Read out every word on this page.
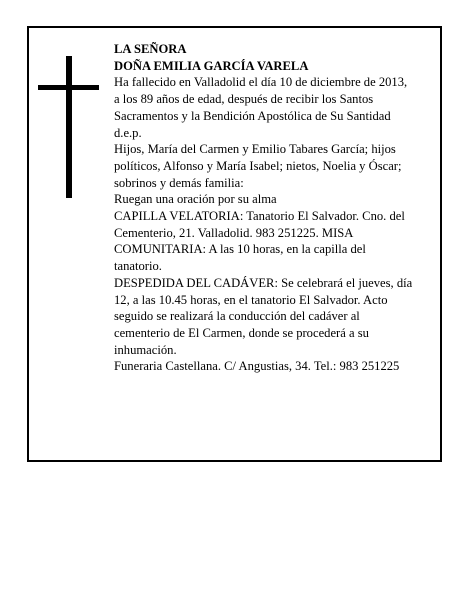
LA SEÑORA

DOÑA EMILIA GARCÍA VARELA

Ha fallecido en Valladolid el día 10 de diciembre de 2013, a los 89 años de edad, después de recibir los Santos Sacramentos y la Bendición Apostólica de Su Santidad

d.e.p.

Hijos, María del Carmen y Emilio Tabares García; hijos políticos, Alfonso y María Isabel; nietos, Noelia y Óscar; sobrinos y demás familia:

Ruegan una oración por su alma

CAPILLA VELATORIA: Tanatorio El Salvador. Cno. del Cementerio, 21. Valladolid. 983 251225. MISA COMUNITARIA: A las 10 horas, en la capilla del tanatorio.

DESPEDIDA DEL CADÁVER: Se celebrará el jueves, día 12, a las 10.45 horas, en el tanatorio El Salvador. Acto seguido se realizará la conducción del cadáver al cementerio de El Carmen, donde se procederá a su inhumación.

Funeraria Castellana. C/ Angustias, 34. Tel.: 983 251225
